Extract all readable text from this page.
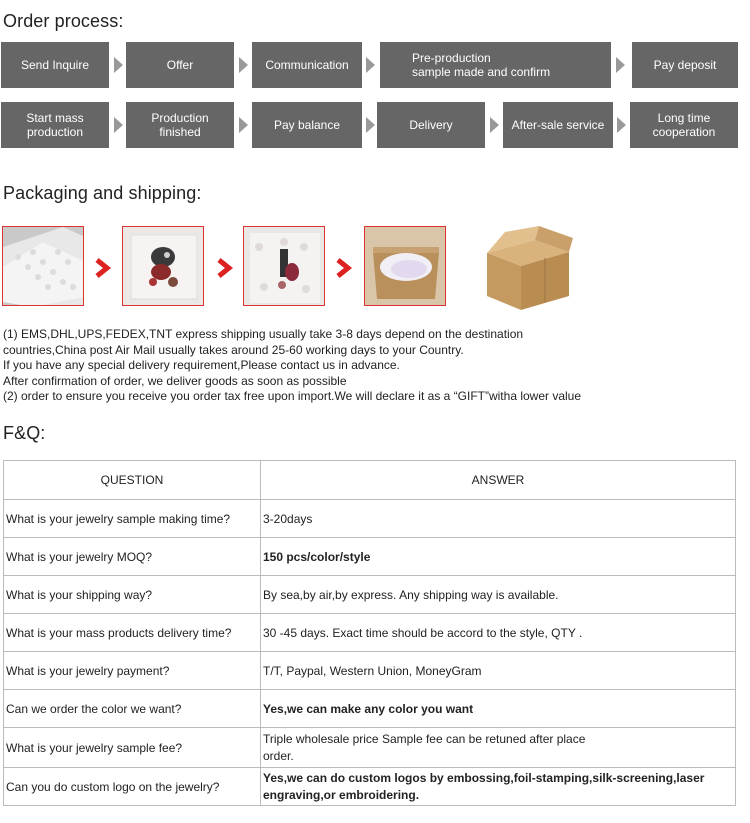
Order process:
Send Inquire	Offer	Communication	Pre-production
sample made and confirm	Pay deposit
Start mass
production
Production
finished	Pay balance	Delivery	After-sale service	Long time
cooperation
Packaging and shipping:
(1) EMS,DHL,UPS,FEDEX,TNT express shipping usually take 3-8 days depend on the destination
countries,China post Air Mail usually takes around 25-60 working days to your Country.
If you have any special delivery requirement,Please contact us in advance.
After confirmation of order, we deliver goods as soon as possible
(2) order to ensure you receive you order tax free upon import.We will declare it as a “GIFT”witha lower value
F&Q:
QUESTION	ANSWER
What is your jewelry sample making time?	3-20days
What is your jewelry MOQ?	150 pcs/color/style
What is your shipping way?	By sea,by air,by express. Any shipping way is available.
What is your mass products delivery time?	30 -45 days. Exact time should be accord to the style, QTY .
What is your jewelry payment?	T/T, Paypal, Western Union, MoneyGram
Can we order the color we want?	Yes,we can make any color you want
What is your jewelry sample fee?	Triple wholesale price Sample fee can be retuned after place
order.
Can you do custom logo on the jewelry?	Yes,we can do custom logos by embossing,foil-stamping,silk-screening,laser
engraving,or embroidering.
